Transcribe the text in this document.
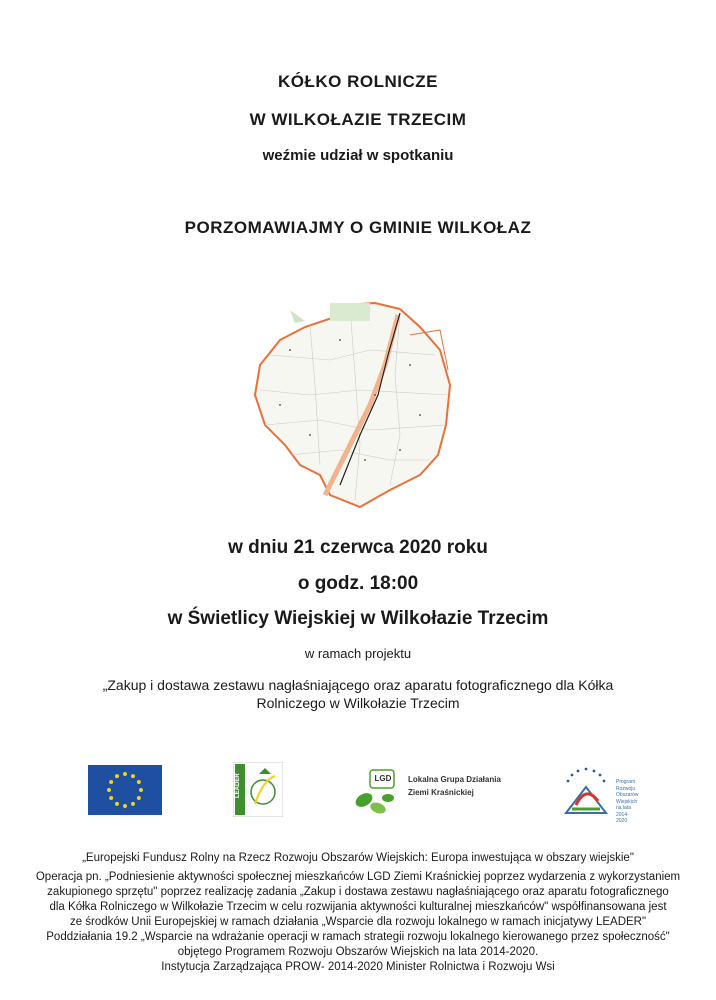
KÓŁKO ROLNICZE
W WILKOŁAZIE TRZECIM
weźmie udział w spotkaniu
PORZOMAWIAJMY O GMINIE WILKOŁAZ
w dniu 21 czerwca 2020 roku
o godz. 18:00
w Świetlicy Wiejskiej w Wilkołazie Trzecim
w ramach projektu
„Zakup i dostawa zestawu nagłaśniającego oraz aparatu fotograficznego dla Kółka
Rolniczego w Wilkołazie Trzecim
LEADER	LGD	Lokalna Grupa Działania
Ziemi Kraśnickiej
Program
Rozwoju
Obszarów
Wiejskich
na lata 2014-2020
„Europejski Fundusz Rolny na Rzecz Rozwoju Obszarów Wiejskich: Europa inwestująca w obszary wiejskie"
Operacja pn. „Podniesienie aktywności społecznej mieszkańców LGD Ziemi Kraśnickiej poprzez wydarzenia z wykorzystaniem
zakupionego sprzętu" poprzez realizację zadania „Zakup i dostawa zestawu nagłaśniającego oraz aparatu fotograficznego
dla Kółka Rolniczego w Wilkołazie Trzecim w celu rozwijania aktywności kulturalnej mieszkańców" współfinansowana jest
ze środków Unii Europejskiej w ramach działania „Wsparcie dla rozwoju lokalnego w ramach inicjatywy LEADER"
Poddziałania 19.2 „Wsparcie na wdrażanie operacji w ramach strategii rozwoju lokalnego kierowanego przez społeczność"
objętego Programem Rozwoju Obszarów Wiejskich na lata 2014-2020.
Instytucja Zarządzająca PROW- 2014-2020 Minister Rolnictwa i Rozwoju Wsi
